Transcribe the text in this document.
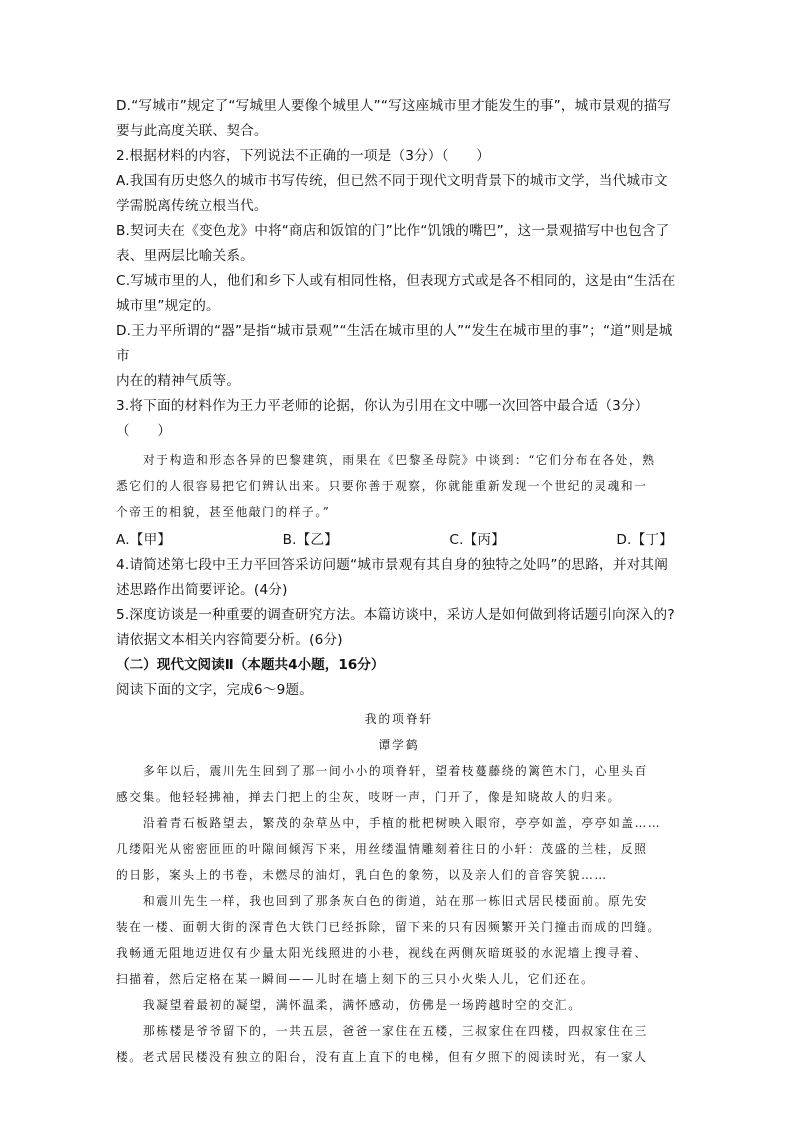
D.“写城市”规定了“写城里人要像个城里人”“写这座城市里才能发生的事”，城市景观的描写

要与此高度关联、契合。

2.根据材料的内容，下列说法不正确的一项是（3分）（　　）

A.我国有历史悠久的城市书写传统，但已然不同于现代文明背景下的城市文学，当代城市文

学需脱离传统立根当代。

B.契诃夫在《变色龙》中将“商店和饭馆的门”比作“饥饿的嘴巴”，这一景观描写中也包含了

表、里两层比喻关系。

C.写城市里的人，他们和乡下人或有相同性格，但表现方式或是各不相同的，这是由“生活在

城市里”规定的。

D.王力平所谓的“器”是指“城市景观”“生活在城市里的人”“发生在城市里的事”；“道”则是城市

内在的精神气质等。

3.将下面的材料作为王力平老师的论据，你认为引用在文中哪一次回答中最合适（3分）

（　　）

对于构造和形态各异的巴黎建筑，雨果在《巴黎圣母院》中谈到：“它们分布在各处，熟

悉它们的人很容易把它们辨认出来。只要你善于观察，你就能重新发现一个世纪的灵魂和一

个帝王的相貌，甚至他敲门的样子。”

A.【甲】	B.【乙】	C.【丙】	D.【丁】

4.请简述第七段中王力平回答采访问题“城市景观有其自身的独特之处吗”的思路，并对其阐

述思路作出简要评论。(4分)

5.深度访谈是一种重要的调查研究方法。本篇访谈中，采访人是如何做到将话题引向深入的?

请依据文本相关内容简要分析。(6分)

（二）现代文阅读Ⅱ（本题共4小题，16分）

阅读下面的文字，完成6～9题。

我的项脊轩

谭学鹤

多年以后，震川先生回到了那一间小小的项脊轩，望着枝蔓藤绕的篱笆木门，心里头百

感交集。他轻轻拂袖，掸去门把上的尘灰，吱呀一声，门开了，像是知晓故人的归来。

沿着青石板路望去，繁茂的杂草丛中，手植的枇杷树映入眼帘，亭亭如盖，亭亭如盖……

几缕阳光从密密匝匝的叶隙间倾泻下来，用丝缕温情雕刻着往日的小轩：茂盛的兰桂，反照

的日影，案头上的书卷，未燃尽的油灯，乳白色的象笏，以及亲人们的音容笑貌……

和震川先生一样，我也回到了那条灰白色的街道，站在那一栋旧式居民楼面前。原先安

装在一楼、面朝大街的深青色大铁门已经拆除，留下来的只有因频繁开关门撞击而成的凹缝。

我畅通无阻地迈进仅有少量太阳光线照进的小巷，视线在两侧灰暗斑驳的水泥墙上搜寻着、

扫描着，然后定格在某一瞬间——儿时在墙上刻下的三只小火柴人儿，它们还在。

我凝望着最初的凝望，满怀温柔，满怀感动，仿佛是一场跨越时空的交汇。

那栋楼是爷爷留下的，一共五层，爸爸一家住在五楼，三叔家住在四楼，四叔家住在三

楼。老式居民楼没有独立的阳台，没有直上直下的电梯，但有夕照下的阅读时光，有一家人
